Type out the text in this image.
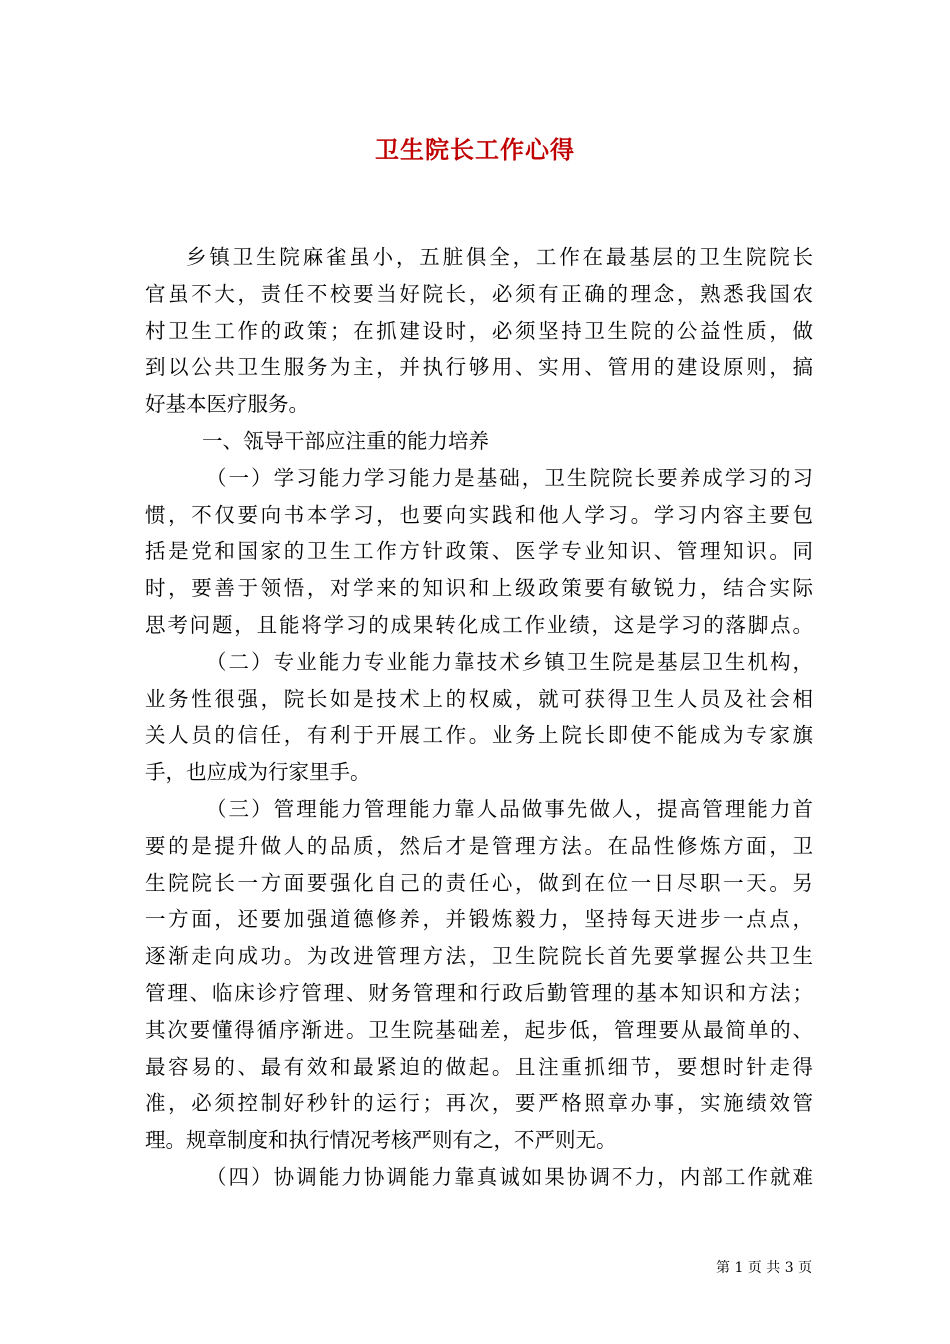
卫生院长工作心得
乡镇卫生院麻雀虽小，五脏俱全，工作在最基层的卫生院院长
官虽不大，责任不校要当好院长，必须有正确的理念，熟悉我国农
村卫生工作的政策；在抓建设时，必须坚持卫生院的公益性质，做
到以公共卫生服务为主，并执行够用、实用、管用的建设原则，搞
好基本医疗服务。
一、瓴导干部应注重的能力培养
（一）学习能力学习能力是基础，卫生院院长要养成学习的习
惯，不仅要向书本学习，也要向实践和他人学习。学习内容主要包
括是党和国家的卫生工作方针政策、医学专业知识、管理知识。同
时，要善于领悟，对学来的知识和上级政策要有敏锐力，结合实际
思考问题，且能将学习的成果转化成工作业绩，这是学习的落脚点。
（二）专业能力专业能力靠技术乡镇卫生院是基层卫生机构，
业务性很强，院长如是技术上的权威，就可获得卫生人员及社会相
关人员的信任，有利于开展工作。业务上院长即使不能成为专家旗
手，也应成为行家里手。
（三）管理能力管理能力靠人品做事先做人，提高管理能力首
要的是提升做人的品质，然后才是管理方法。在品性修炼方面，卫
生院院长一方面要强化自己的责任心，做到在位一日尽职一天。另
一方面，还要加强道德修养，并锻炼毅力，坚持每天进步一点点，
逐渐走向成功。为改进管理方法，卫生院院长首先要掌握公共卫生
管理、临床诊疗管理、财务管理和行政后勤管理的基本知识和方法；
其次要懂得循序渐进。卫生院基础差，起步低，管理要从最简单的、
最容易的、最有效和最紧迫的做起。且注重抓细节，要想时针走得
准，必须控制好秒针的运行；再次，要严格照章办事，实施绩效管
理。规章制度和执行情况考核严则有之，不严则无。
（四）协调能力协调能力靠真诚如果协调不力，内部工作就难
第 1 页 共 3 页
